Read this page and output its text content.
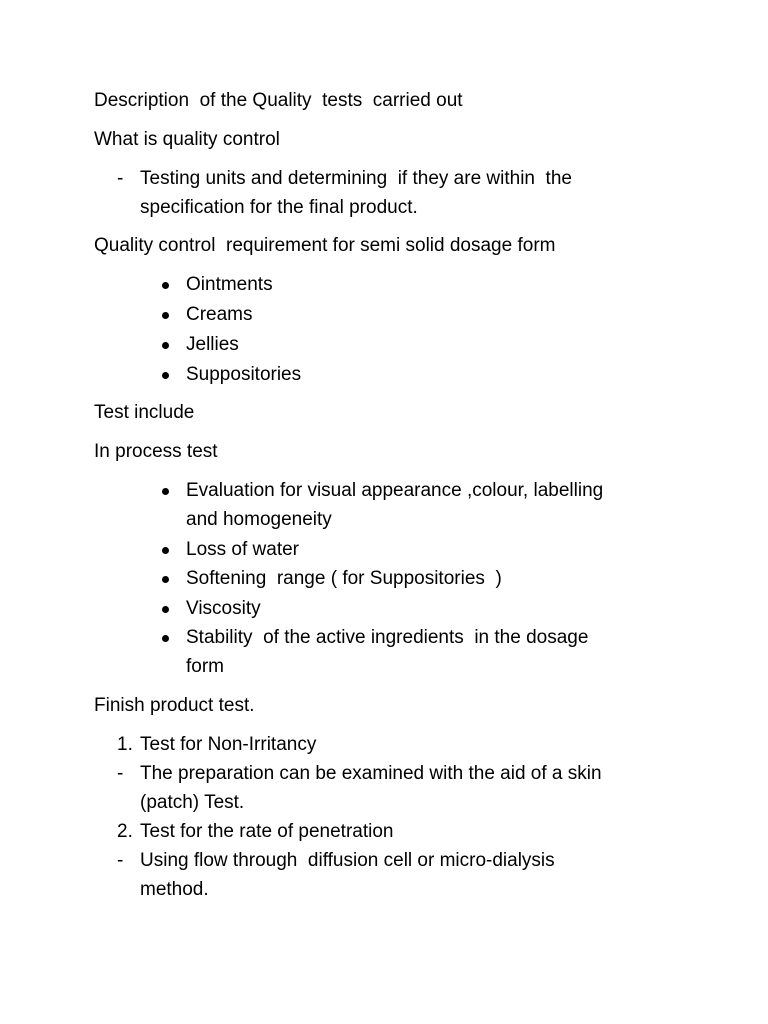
Description  of the Quality  tests  carried out
What is quality control
- Testing units and determining  if they are within  the
specification for the final product.
Quality control  requirement for semi solid dosage form
Ointments
Creams
Jellies
Suppositories
Test include
In process test
Evaluation for visual appearance ,colour, labelling
and homogeneity
Loss of water
Softening  range ( for Suppositories  )
Viscosity
Stability  of the active ingredients  in the dosage
form
Finish product test.
1. Test for Non-Irritancy
- The preparation can be examined with the aid of a skin
(patch) Test.
2. Test for the rate of penetration
- Using flow through  diffusion cell or micro-dialysis
method.
